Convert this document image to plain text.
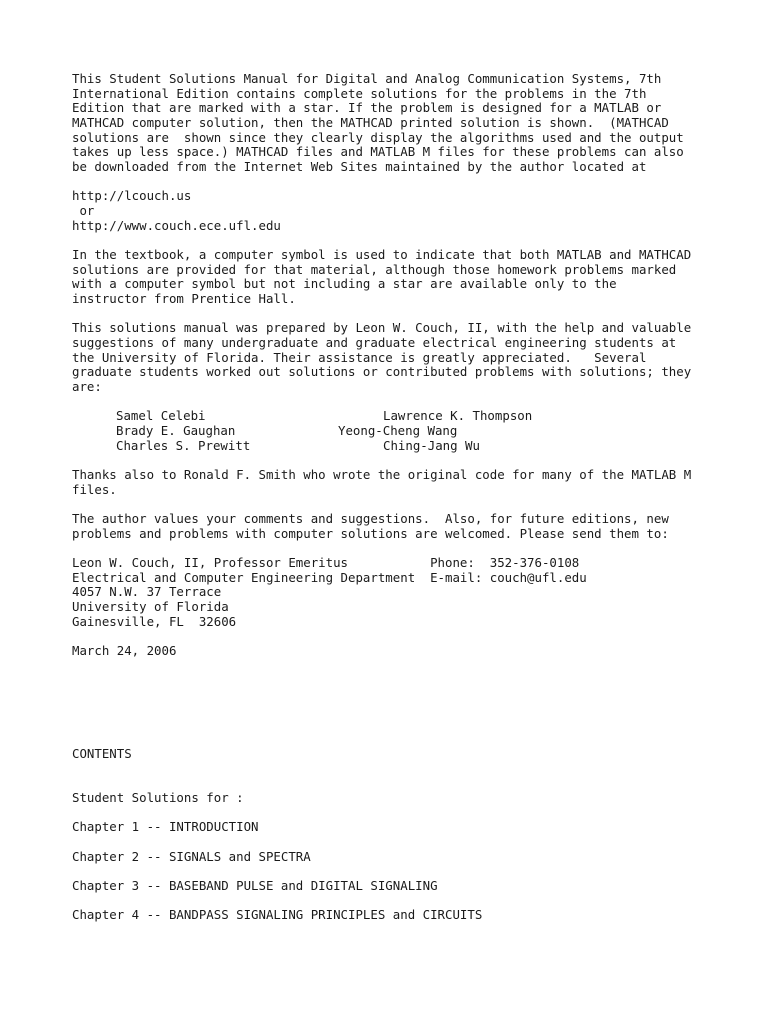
This Student Solutions Manual for Digital and Analog Communication Systems, 7th
International Edition contains complete solutions for the problems in the 7th
Edition that are marked with a star. If the problem is designed for a MATLAB or
MATHCAD computer solution, then the MATHCAD printed solution is shown.  (MATHCAD
solutions are  shown since they clearly display the algorithms used and the output
takes up less space.) MATHCAD files and MATLAB M files for these problems can also
be downloaded from the Internet Web Sites maintained by the author located at
http://lcouch.us
or
http://www.couch.ece.ufl.edu
In the textbook, a computer symbol is used to indicate that both MATLAB and MATHCAD
solutions are provided for that material, although those homework problems marked
with a computer symbol but not including a star are available only to the
instructor from Prentice Hall.
This solutions manual was prepared by Leon W. Couch, II, with the help and valuable
suggestions of many undergraduate and graduate electrical engineering students at
the University of Florida. Their assistance is greatly appreciated.   Several
graduate students worked out solutions or contributed problems with solutions; they
are:
Samel Celebi	Lawrence K. Thompson
Brady E. Gaughan	Yeong-Cheng Wang
Charles S. Prewitt	Ching-Jang Wu
Thanks also to Ronald F. Smith who wrote the original code for many of the MATLAB M
files.
The author values your comments and suggestions.  Also, for future editions, new
problems and problems with computer solutions are welcomed. Please send them to:
Leon W. Couch, II, Professor Emeritus           Phone:  352-376-0108
Electrical and Computer Engineering Department  E-mail: couch@ufl.edu
4057 N.W. 37 Terrace
University of Florida
Gainesville, FL  32606
March 24, 2006
CONTENTS
Student Solutions for :
Chapter 1 -- INTRODUCTION
Chapter 2 -- SIGNALS and SPECTRA
Chapter 3 -- BASEBAND PULSE and DIGITAL SIGNALING
Chapter 4 -- BANDPASS SIGNALING PRINCIPLES and CIRCUITS
